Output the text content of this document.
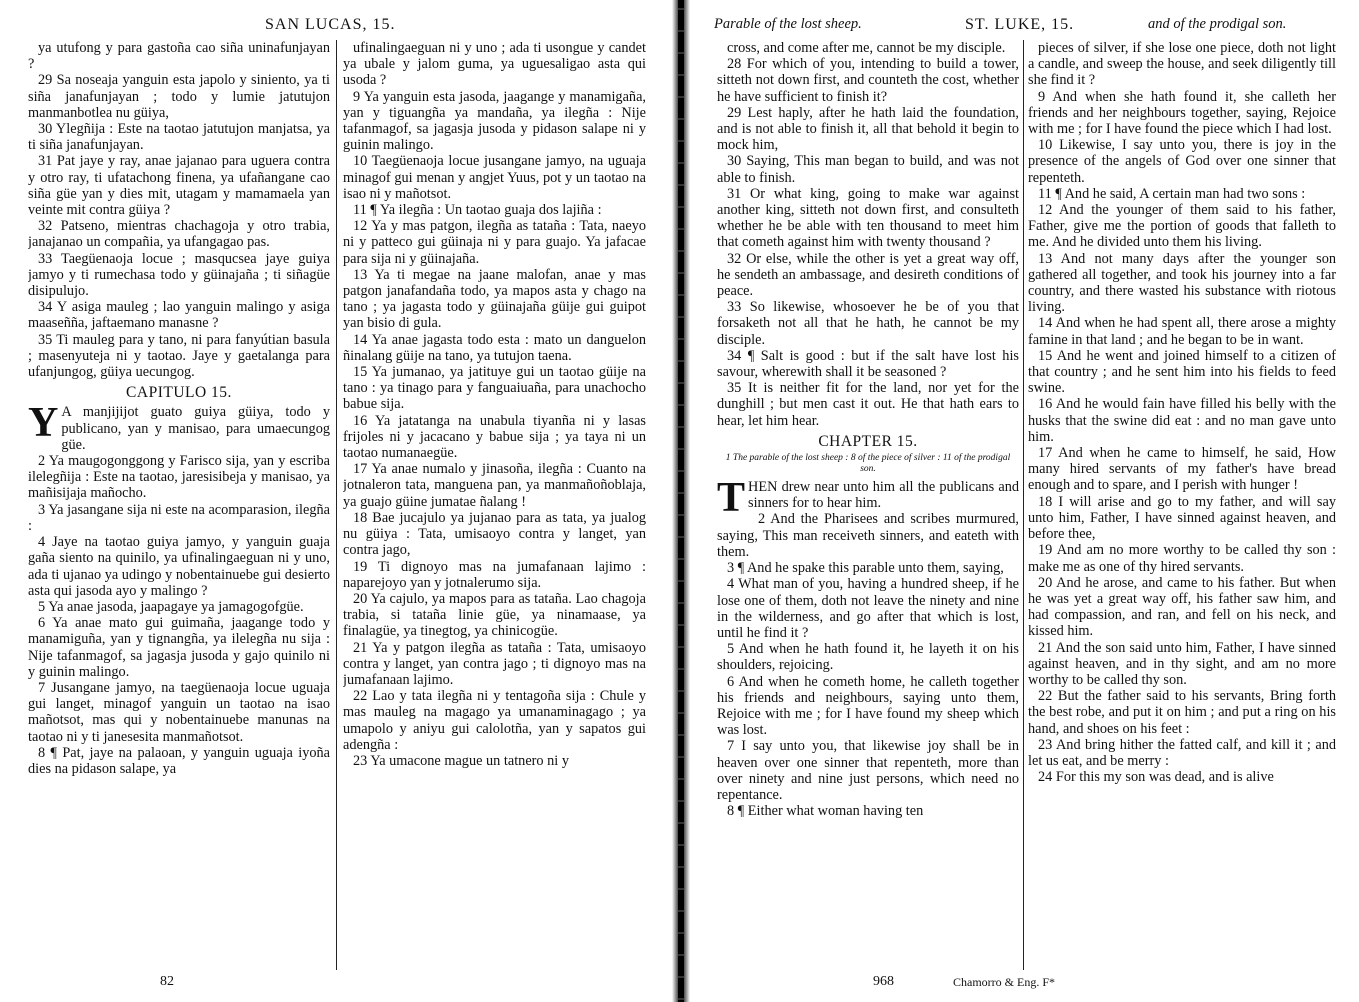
SAN LUCAS, 15.

ya utufong y para gastoña cao siña uninafunjayan ?

29 Sa noseaja yanguin esta japolo y siniento, ya ti siña janafunjayan ; todo y lumie jatutujon manmanbotlea nu güiya,

30 Ylegñija : Este na taotao jatutujon manjatsa, ya ti siña janafunjayan.

31 Pat jaye y ray, anae jajanao para uguera contra y otro ray, ti ufatachong finena, ya ufañangane cao siña güe yan y dies mit, utagam y mamamaela yan veinte mit contra güiya ?

32 Patseno, mientras chachagoja y otro trabia, janajanao un compañia, ya ufangagao pas.

33 Taegüenaoja locue ; masqucsea jaye guiya jamyo y ti rumechasa todo y güinajaña ; ti siñagüe disipulujo.

34 Y asiga mauleg ; lao yanguin malingo y asiga maaseñña, jaftaemano manasne ?

35 Ti mauleg para y tano, ni para fanyútian basula ; masenyuteja ni y taotao. Jaye y gaetalanga para ufanjungog, güiya uecungog.

CAPITULO 15.

Y A manjijijot guato guiya güiya, todo y publicano, yan y manisao, para umaecungog güe.

2 Ya maugogonggong y Farisco sija, yan y escriba ilelegñija : Este na taotao, jaresisibeja y manisao, ya mañisijaja mañocho.

3 Ya jasangane sija ni este na acomparasion, ilegña :

4 Jaye na taotao guiya jamyo, y yanguin guaja gaña siento na quinilo, ya ufinalingaeguan ni y uno, ada ti ujanao ya udingo y nobentainuebe gui desierto asta qui jasoda ayo y malingo ?

5 Ya anae jasoda, jaapagaye ya jamagogofgüe.

6 Ya anae mato gui guimaña, jaagange todo y manamiguña, yan y tignangña, ya ilelegña nu sija : Nije tafanmagof, sa jagasja jusoda y gajo quinilo ni y guinin malingo.

7 Jusangane jamyo, na taegüenaoja locue uguaja gui langet, minagof yanguin un taotao na isao mañotsot, mas qui y nobentainuebe manunas na taotao ni y ti janesesita manmañotsot.

8 ¶ Pat, jaye na palaoan, y yanguin uguaja iyoña dies na pidason salape, ya

ufinalingaeguan ni y uno ; ada ti usongue y candet ya ubale y jalom guma, ya uguesaligao asta qui usoda ?

9 Ya yanguin esta jasoda, jaagange y manamigaña, yan y tiguangña ya mandaña, ya ilegña : Nije tafanmagof, sa jagasja jusoda y pidason salape ni y guinin malingo.

10 Taegüenaoja locue jusangane jamyo, na uguaja minagof gui menan y angjet Yuus, pot y un taotao na isao ni y mañotsot.

11 ¶ Ya ilegña : Un taotao guaja dos lajiña :

12 Ya y mas patgon, ilegña as tataña : Tata, naeyo ni y patteco gui güinaja ni y para guajo. Ya jafacae para sija ni y güinajaña.

13 Ya ti megae na jaane malofan, anae y mas patgon janafandaña todo, ya mapos asta y chago na tano ; ya jagasta todo y güinajaña güije gui guipot yan bisio di gula.

14 Ya anae jagasta todo esta : mato un danguelon ñinalang güije na tano, ya tutujon taena.

15 Ya jumanao, ya jatituye gui un taotao güije na tano : ya tinago para y fanguaiuaña, para unachocho babue sija.

16 Ya jatatanga na unabula tiyanña ni y lasas frijoles ni y jacacano y babue sija ; ya taya ni un taotao numanaegüe.

17 Ya anae numalo y jinasoña, ilegña : Cuanto na jotnaleron tata, manguena pan, ya manmañoñoblaja, ya guajo güine jumatae ñalang !

18 Bae jucajulo ya jujanao para as tata, ya jualog nu güiya : Tata, umisaoyo contra y langet, yan contra jago,

19 Ti dignoyo mas na jumafanaan lajimo : naparejoyo yan y jotnalerumo sija.

20 Ya cajulo, ya mapos para as tataña. Lao chagoja trabia, si tataña linie güe, ya ninamaase, ya finalagüe, ya tinegtog, ya chinicogüe.

21 Ya y patgon ilegña as tataña : Tata, umisaoyo contra y langet, yan contra jago ; ti dignoyo mas na jumafanaan lajimo.

22 Lao y tata ilegña ni y tentagoña sija : Chule y mas mauleg na magago ya umanaminagago ; ya umapolo y aniyu gui calolotña, yan y sapatos gui adengña :

23 Ya umacone mague un tatnero ni y

82
Parable of the lost sheep.	ST. LUKE, 15.	and of the prodigal son.

cross, and come after me, cannot be my disciple.

28 For which of you, intending to build a tower, sitteth not down first, and counteth the cost, whether he have sufficient to finish it?

29 Lest haply, after he hath laid the foundation, and is not able to finish it, all that behold it begin to mock him,

30 Saying, This man began to build, and was not able to finish.

31 Or what king, going to make war against another king, sitteth not down first, and consulteth whether he be able with ten thousand to meet him that cometh against him with twenty thousand ?

32 Or else, while the other is yet a great way off, he sendeth an ambassage, and desireth conditions of peace.

33 So likewise, whosoever he be of you that forsaketh not all that he hath, he cannot be my disciple.

34 ¶ Salt is good : but if the salt have lost his savour, wherewith shall it be seasoned ?

35 It is neither fit for the land, nor yet for the dunghill ; but men cast it out. He that hath ears to hear, let him hear.

CHAPTER 15.
1 The parable of the lost sheep : 8 of the piece of silver : 11 of the prodigal son.

THEN drew near unto him all the publicans and sinners for to hear him.

2 And the Pharisees and scribes murmured, saying, This man receiveth sinners, and eateth with them.

3 ¶ And he spake this parable unto them, saying,

4 What man of you, having a hundred sheep, if he lose one of them, doth not leave the ninety and nine in the wilderness, and go after that which is lost, until he find it ?

5 And when he hath found it, he layeth it on his shoulders, rejoicing.

6 And when he cometh home, he calleth together his friends and neighbours, saying unto them, Rejoice with me ; for I have found my sheep which was lost.

7 I say unto you, that likewise joy shall be in heaven over one sinner that repenteth, more than over ninety and nine just persons, which need no repentance.

8 ¶ Either what woman having ten

pieces of silver, if she lose one piece, doth not light a candle, and sweep the house, and seek diligently till she find it ?

9 And when she hath found it, she calleth her friends and her neighbours together, saying, Rejoice with me ; for I have found the piece which I had lost.

10 Likewise, I say unto you, there is joy in the presence of the angels of God over one sinner that repenteth.

11 ¶ And he said, A certain man had two sons :

12 And the younger of them said to his father, Father, give me the portion of goods that falleth to me. And he divided unto them his living.

13 And not many days after the younger son gathered all together, and took his journey into a far country, and there wasted his substance with riotous living.

14 And when he had spent all, there arose a mighty famine in that land ; and he began to be in want.

15 And he went and joined himself to a citizen of that country ; and he sent him into his fields to feed swine.

16 And he would fain have filled his belly with the husks that the swine did eat : and no man gave unto him.

17 And when he came to himself, he said, How many hired servants of my father's have bread enough and to spare, and I perish with hunger !

18 I will arise and go to my father, and will say unto him, Father, I have sinned against heaven, and before thee,

19 And am no more worthy to be called thy son : make me as one of thy hired servants.

20 And he arose, and came to his father. But when he was yet a great way off, his father saw him, and had compassion, and ran, and fell on his neck, and kissed him.

21 And the son said unto him, Father, I have sinned against heaven, and in thy sight, and am no more worthy to be called thy son.

22 But the father said to his servants, Bring forth the best robe, and put it on him ; and put a ring on his hand, and shoes on his feet :

23 And bring hither the fatted calf, and kill it ; and let us eat, and be merry :

24 For this my son was dead, and is alive

968	Chamorro & Eng. F*
